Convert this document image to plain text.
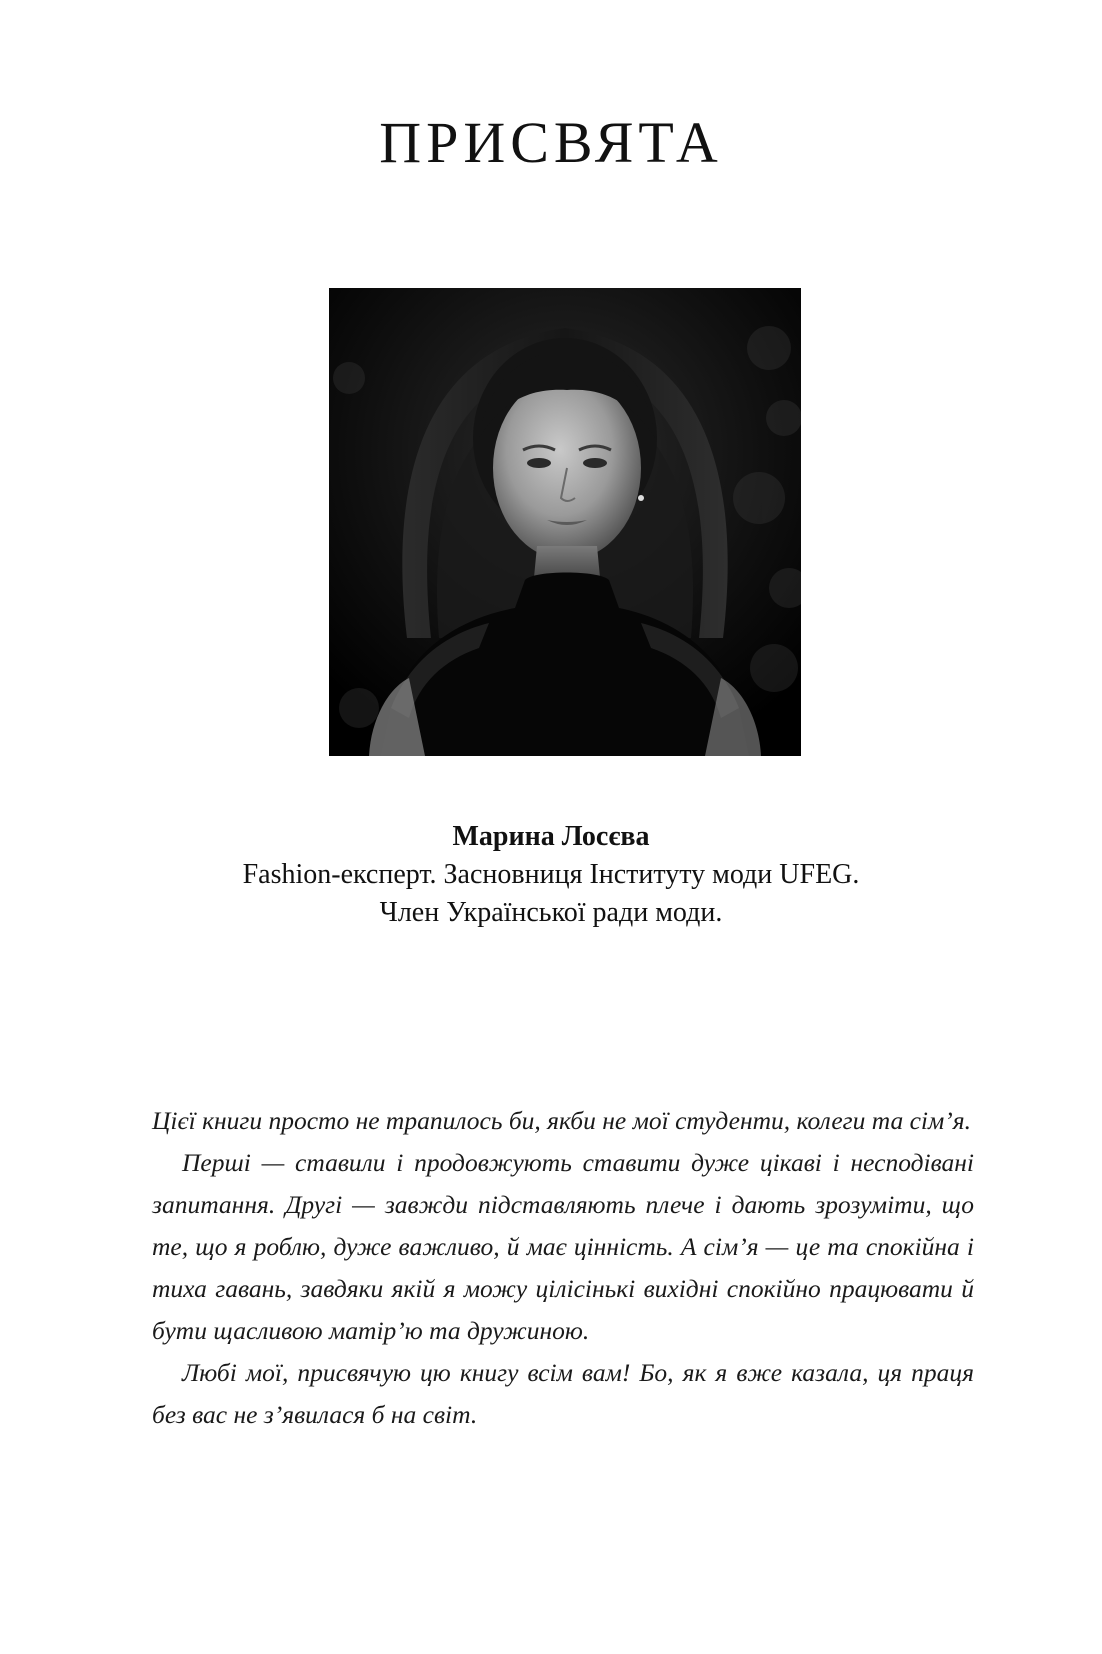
ПРИСВЯТА
Марина Лосєва
Fashion-експерт. Засновниця Інституту моди UFEG.
Член Української ради моди.

Цієї книги просто не трапилось би, якби не мої студенти, колеги та сім’я.

Перші — ставили і продовжують ставити дуже цікаві і несподівані запитання. Другі — завжди підставляють плече і дають зрозуміти, що те, що я роблю, дуже важливо, й має цінність. А сім’я — це та спокійна і тиха гавань, завдяки якій я можу цілісінькі вихідні спокійно працювати й бути щасливою матір’ю та дружиною.

Любі мої, присвячую цю книгу всім вам! Бо, як я вже казала, ця праця без вас не з’явилася б на світ.
